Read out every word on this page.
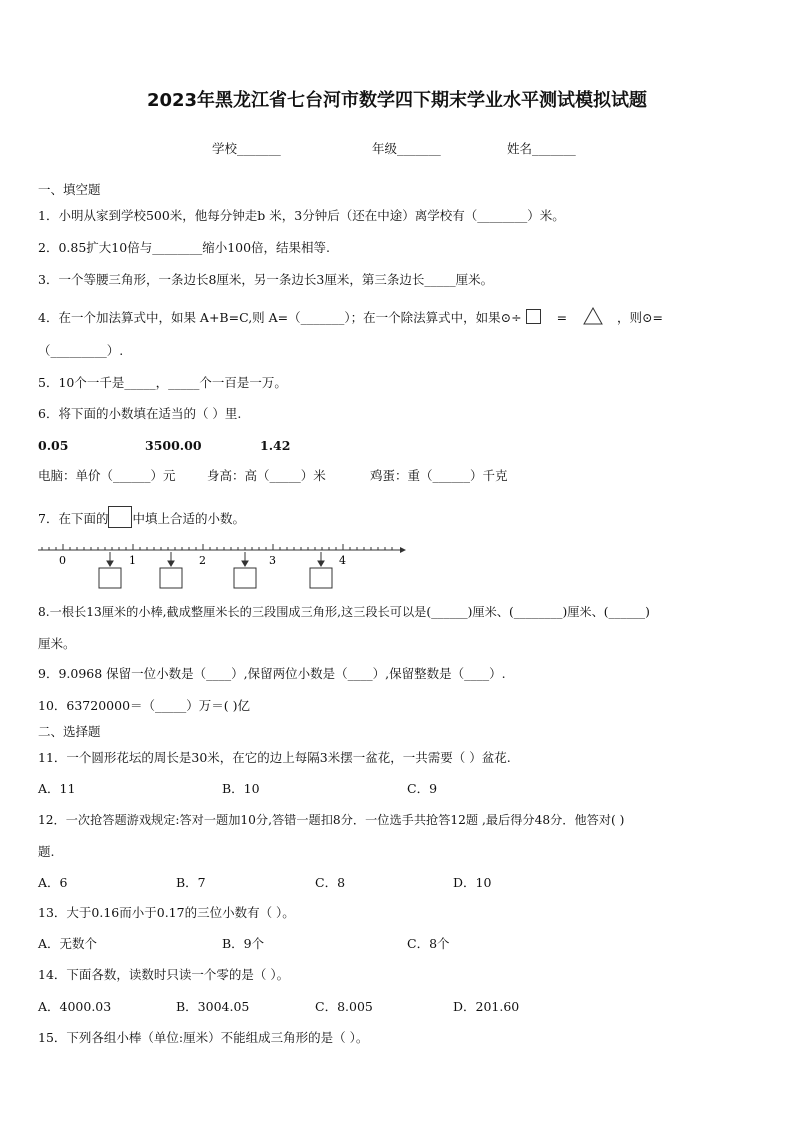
2023年黑龙江省七台河市数学四下期末学业水平测试模拟试题
学校_______	年级_______	姓名_______
一、填空题
1．小明从家到学校500米，他每分钟走b 米，3分钟后（还在中途）离学校有（________）米。
2．0.85扩大10倍与________缩小100倍，结果相等.
3．一个等腰三角形，一条边长8厘米，另一条边长3厘米，第三条边长_____厘米。
4．在一个加法算式中，如果 A+B=C,则 A=（_______）；在一个除法算式中，如果⊙÷	=	，则⊙=
（_________）.
5．10个一千是_____，_____个一百是一万。
6．将下面的小数填在适当的（ ）里.
0.05	3500.00	1.42
电脑：单价（______）元	身高：高（_____）米	鸡蛋：重（______）千克
7．在下面的 中填上合适的小数。
0	1	2	3	4
8.一根长13厘米的小棒,截成整厘米长的三段围成三角形,这三段长可以是(______)厘米、(________)厘米、(______)
厘米。
9．9.0968 保留一位小数是（____）,保留两位小数是（____）,保留整数是（____）.
10．63720000＝（_____）万＝( )亿
二、选择题
11．一个圆形花坛的周长是30米，在它的边上每隔3米摆一盆花，一共需要（ ）盆花.
A．11	B．10	C．9
12．一次抢答题游戏规定:答对一题加10分,答错一题扣8分．一位选手共抢答12题 ,最后得分48分．他答对( )
题.
A．6	B．7	C．8	D．10
13．大于0.16而小于0.17的三位小数有（ ）。
A．无数个	B．9个	C．8个
14．下面各数，读数时只读一个零的是（ ）。
A．4000.03	B．3004.05	C．8.005	D．201.60
15．下列各组小棒（单位:厘米）不能组成三角形的是（ ）。
